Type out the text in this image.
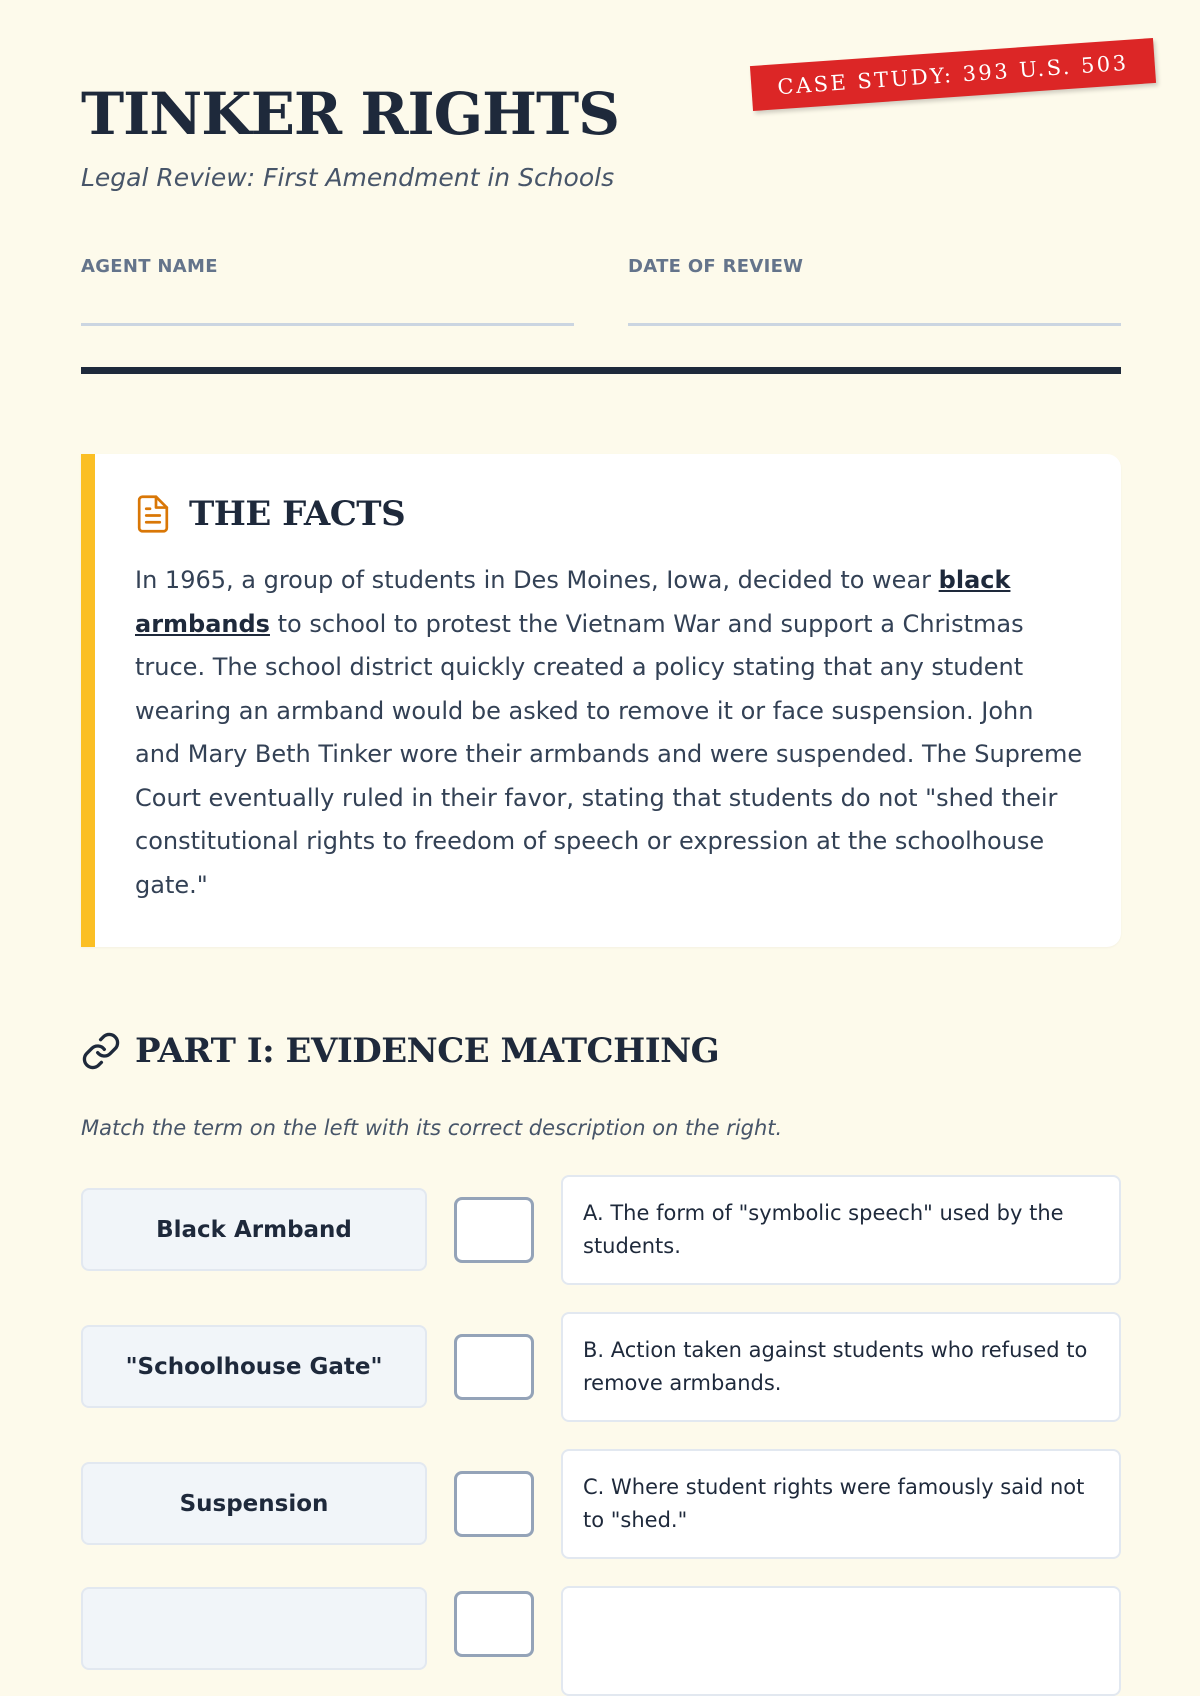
CASE STUDY: 393 U.S. 503
TINKER RIGHTS

Legal Review: First Amendment in Schools

AGENT NAME	DATE OF REVIEW
THE FACTS

In 1965, a group of students in Des Moines, Iowa, decided to wear black armbands to school to protest the Vietnam War and support a Christmas truce. The school district quickly created a policy stating that any student wearing an armband would be asked to remove it or face suspension. John and Mary Beth Tinker wore their armbands and were suspended. The Supreme Court eventually ruled in their favor, stating that students do not "shed their constitutional rights to freedom of speech or expression at the schoolhouse gate."

PART I: EVIDENCE MATCHING

Match the term on the left with its correct description on the right.

Black Armband
A. The form of "symbolic speech" used by the students.
"Schoolhouse Gate"
B. Action taken against students who refused to remove armbands.
Suspension
C. Where student rights were famously said not to "shed."
